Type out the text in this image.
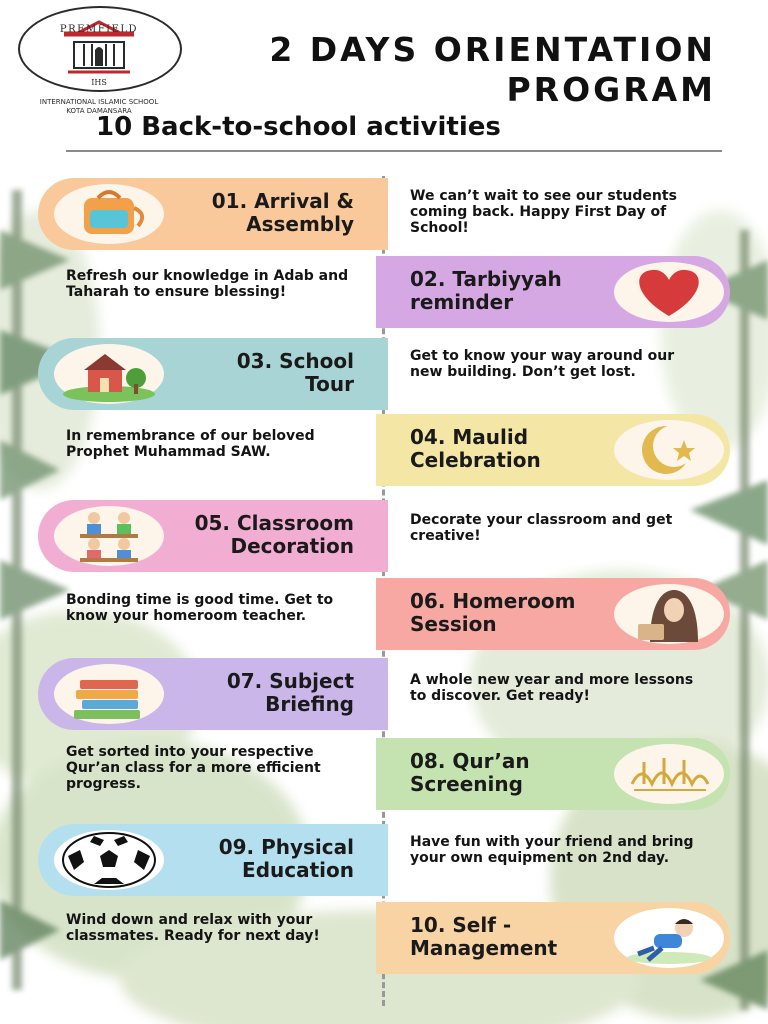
PREMFIELD
IHS
INTERNATIONAL ISLAMIC SCHOOL
KOTA DAMANSARA
2 DAYS ORIENTATION
PROGRAM
10 Back-to-school activities
01. Arrival &
Assembly
We can’t wait to see our students coming back. Happy First Day of School!
02. Tarbiyyah
reminder
Refresh our knowledge in Adab and Taharah to ensure blessing!
03. School
Tour
Get to know your way around our new building. Don’t get lost.
04. Maulid
Celebration
In remembrance of our beloved Prophet Muhammad SAW.
05. Classroom
Decoration
Decorate your classroom and get creative!
06. Homeroom
Session
Bonding time is good time. Get to know your homeroom teacher.
07. Subject
Briefing
A whole new year and more lessons to discover. Get ready!
08. Qur’an
Screening
Get sorted into your respective Qur’an class for a more efficient progress.
09. Physical
Education
Have fun with your friend and bring your own equipment on 2nd day.
10. Self -
Management
Wind down and relax with your classmates. Ready for next day!
